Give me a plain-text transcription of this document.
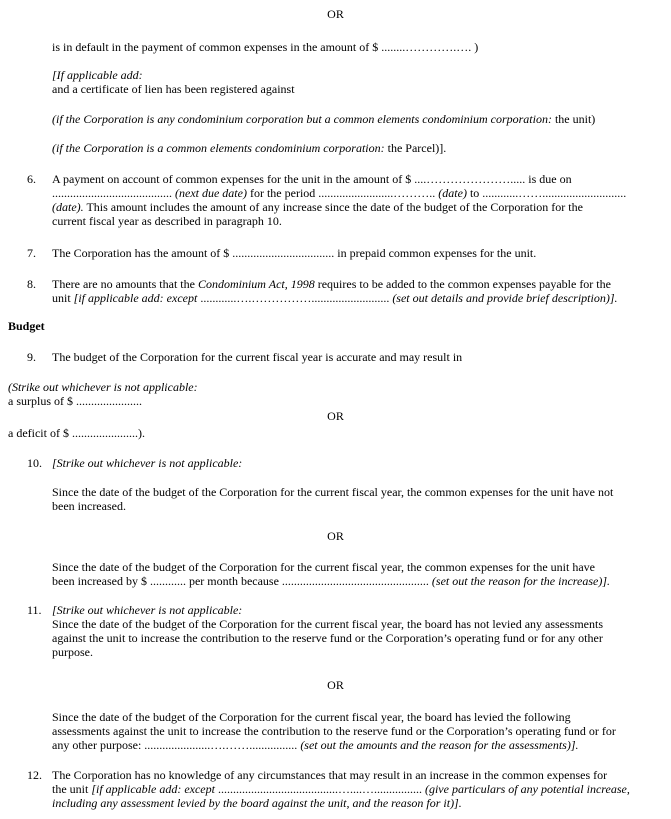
OR
is in default in the payment of common expenses in the amount of $ ........………….…. )
[If applicable add:
and a certificate of lien has been registered against
(if the Corporation is any condominium corporation but a common elements condominium corporation: the unit)
(if the Corporation is a common elements condominium corporation: the Parcel)].
6. A payment on account of common expenses for the unit in the amount of $ ....…………………..... is due on
........................................ (next due date) for the period .........................……….. (date) to ............……............................
(date). This amount includes the amount of any increase since the date of the budget of the Corporation for the
current fiscal year as described in paragraph 10.
7. The Corporation has the amount of $ .................................. in prepaid common expenses for the unit.
8. There are no amounts that the Condominium Act, 1998 requires to be added to the common expenses payable for the
unit [if applicable add: except ............….…………….......................... (set out details and provide brief description)].
Budget
9. The budget of the Corporation for the current fiscal year is accurate and may result in
(Strike out whichever is not applicable:
a surplus of $ ......................
OR
a deficit of $ ......................).
10. [Strike out whichever is not applicable:
Since the date of the budget of the Corporation for the current fiscal year, the common expenses for the unit have not
been increased.
OR
Since the date of the budget of the Corporation for the current fiscal year, the common expenses for the unit have
been increased by $ ............ per month because ................................................. (set out the reason for the increase)].
11. [Strike out whichever is not applicable:
Since the date of the budget of the Corporation for the current fiscal year, the board has not levied any assessments
against the unit to increase the contribution to the reserve fund or the Corporation’s operating fund or for any other
purpose.
OR
Since the date of the budget of the Corporation for the current fiscal year, the board has levied the following
assessments against the unit to increase the contribution to the reserve fund or the Corporation’s operating fund or for
any other purpose: ......................….……................ (set out the amounts and the reason for the assessments)].
12. The Corporation has no knowledge of any circumstances that may result in an increase in the common expenses for
the unit [if applicable add: except ........................................…....…................ (give particulars of any potential increase,
including any assessment levied by the board against the unit, and the reason for it)].
